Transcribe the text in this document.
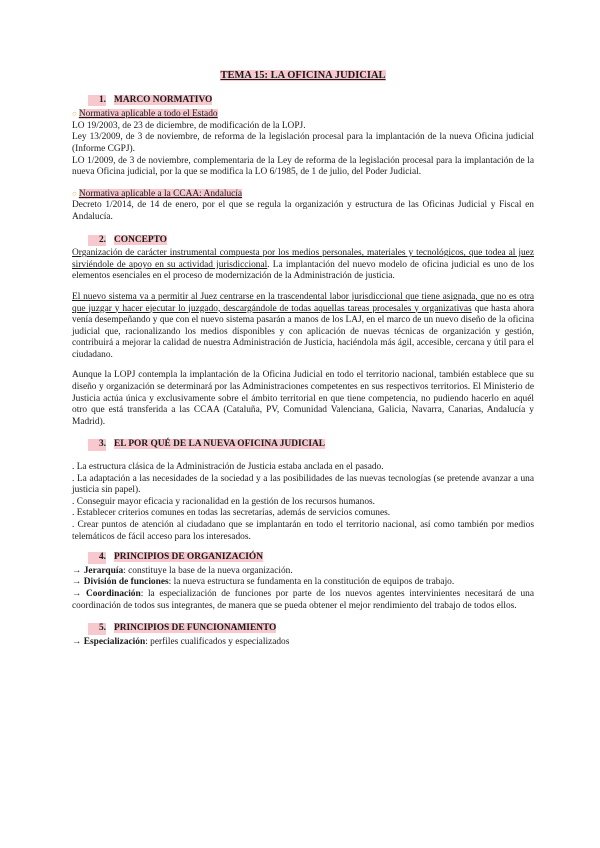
TEMA 15: LA OFICINA JUDICIAL
1. MARCO NORMATIVO

○ Normativa aplicable a todo el Estado

LO 19/2003, de 23 de diciembre, de modificación de la LOPJ.

Ley 13/2009, de 3 de noviembre, de reforma de la legislación procesal para la implantación de la nueva Oficina judicial (Informe CGPJ).

LO 1/2009, de 3 de noviembre, complementaria de la Ley de reforma de la legislación procesal para la implantación de la nueva Oficina judicial, por la que se modifica la LO 6/1985, de 1 de julio, del Poder Judicial.

○ Normativa aplicable a la CCAA: Andalucía

Decreto 1/2014, de 14 de enero, por el que se regula la organización y estructura de las Oficinas Judicial y Fiscal en Andalucía.

2. CONCEPTO

Organización de carácter instrumental compuesta por los medios personales, materiales y tecnológicos, que todea al juez sirviéndole de apoyo en su actividad jurisdiccional. La implantación del nuevo modelo de oficina judicial es uno de los elementos esenciales en el proceso de modernización de la Administración de justicia.

El nuevo sistema va a permitir al Juez centrarse en la trascendental labor jurisdiccional que tiene asignada, que no es otra que juzgar y hacer ejecutar lo juzgado, descargándole de todas aquellas tareas procesales y organizativas que hasta ahora venía desempeñando y que con el nuevo sistema pasarán a manos de los LAJ, en el marco de un nuevo diseño de la oficina judicial que, racionalizando los medios disponibles y con aplicación de nuevas técnicas de organización y gestión, contribuirá a mejorar la calidad de nuestra Administración de Justicia, haciéndola más ágil, accesible, cercana y útil para el ciudadano.

Aunque la LOPJ contempla la implantación de la Oficina Judicial en todo el territorio nacional, también establece que su diseño y organización se determinará por las Administraciones competentes en sus respectivos territorios. El Ministerio de Justicia actúa única y exclusivamente sobre el ámbito territorial en que tiene competencia, no pudiendo hacerlo en aquél otro que está transferida a las CCAA (Cataluña, PV, Comunidad Valenciana, Galicia, Navarra, Canarias, Andalucía y Madrid).

3. EL POR QUÉ DE LA NUEVA OFICINA JUDICIAL

. La estructura clásica de la Administración de Justicia estaba anclada en el pasado.

. La adaptación a las necesidades de la sociedad y a las posibilidades de las nuevas tecnologías (se pretende avanzar a una justicia sin papel).

. Conseguir mayor eficacia y racionalidad en la gestión de los recursos humanos.

. Establecer criterios comunes en todas las secretarías, además de servicios comunes.

. Crear puntos de atención al ciudadano que se implantarán en todo el territorio nacional, así como también por medios telemáticos de fácil acceso para los interesados.

4. PRINCIPIOS DE ORGANIZACIÓN

→ Jerarquía: constituye la base de la nueva organización.

→ División de funciones: la nueva estructura se fundamenta en la constitución de equipos de trabajo.

→ Coordinación: la especialización de funciones por parte de los nuevos agentes intervinientes necesitará de una coordinación de todos sus integrantes, de manera que se pueda obtener el mejor rendimiento del trabajo de todos ellos.

5. PRINCIPIOS DE FUNCIONAMIENTO

→ Especialización: perfiles cualificados y especializados
